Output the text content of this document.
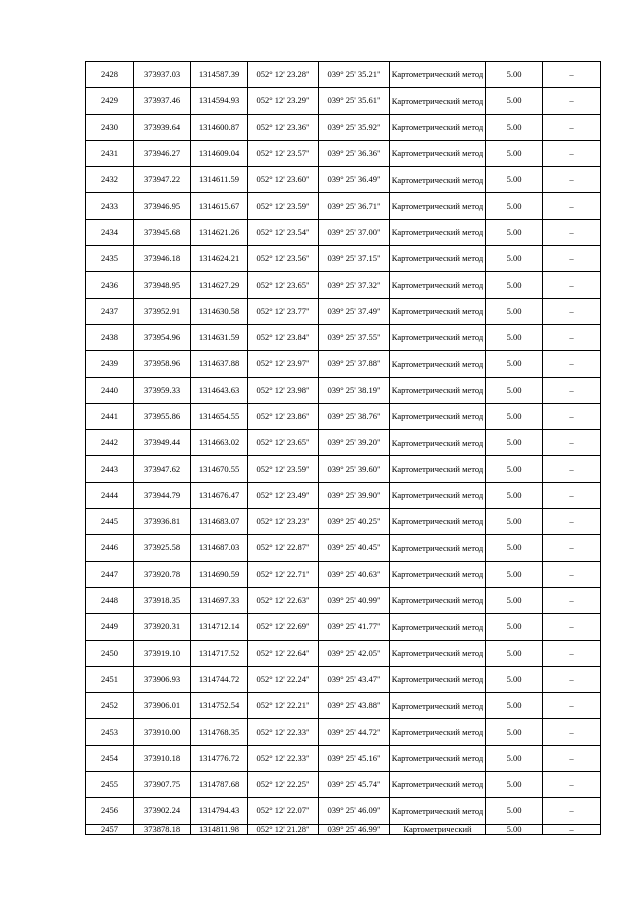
2428	373937.03	1314587.39	052° 12' 23.28"	039° 25' 35.21"	Картометрический метод	5.00	–
2429	373937.46	1314594.93	052° 12' 23.29"	039° 25' 35.61"	Картометрический метод	5.00	–
2430	373939.64	1314600.87	052° 12' 23.36"	039° 25' 35.92"	Картометрический метод	5.00	–
2431	373946.27	1314609.04	052° 12' 23.57"	039° 25' 36.36"	Картометрический метод	5.00	–
2432	373947.22	1314611.59	052° 12' 23.60"	039° 25' 36.49"	Картометрический метод	5.00	–
2433	373946.95	1314615.67	052° 12' 23.59"	039° 25' 36.71"	Картометрический метод	5.00	–
2434	373945.68	1314621.26	052° 12' 23.54"	039° 25' 37.00"	Картометрический метод	5.00	–
2435	373946.18	1314624.21	052° 12' 23.56"	039° 25' 37.15"	Картометрический метод	5.00	–
2436	373948.95	1314627.29	052° 12' 23.65"	039° 25' 37.32"	Картометрический метод	5.00	–
2437	373952.91	1314630.58	052° 12' 23.77"	039° 25' 37.49"	Картометрический метод	5.00	–
2438	373954.96	1314631.59	052° 12' 23.84"	039° 25' 37.55"	Картометрический метод	5.00	–
2439	373958.96	1314637.88	052° 12' 23.97"	039° 25' 37.88"	Картометрический метод	5.00	–
2440	373959.33	1314643.63	052° 12' 23.98"	039° 25' 38.19"	Картометрический метод	5.00	–
2441	373955.86	1314654.55	052° 12' 23.86"	039° 25' 38.76"	Картометрический метод	5.00	–
2442	373949.44	1314663.02	052° 12' 23.65"	039° 25' 39.20"	Картометрический метод	5.00	–
2443	373947.62	1314670.55	052° 12' 23.59"	039° 25' 39.60"	Картометрический метод	5.00	–
2444	373944.79	1314676.47	052° 12' 23.49"	039° 25' 39.90"	Картометрический метод	5.00	–
2445	373936.81	1314683.07	052° 12' 23.23"	039° 25' 40.25"	Картометрический метод	5.00	–
2446	373925.58	1314687.03	052° 12' 22.87"	039° 25' 40.45"	Картометрический метод	5.00	–
2447	373920.78	1314690.59	052° 12' 22.71"	039° 25' 40.63"	Картометрический метод	5.00	–
2448	373918.35	1314697.33	052° 12' 22.63"	039° 25' 40.99"	Картометрический метод	5.00	–
2449	373920.31	1314712.14	052° 12' 22.69"	039° 25' 41.77"	Картометрический метод	5.00	–
2450	373919.10	1314717.52	052° 12' 22.64"	039° 25' 42.05"	Картометрический метод	5.00	–
2451	373906.93	1314744.72	052° 12' 22.24"	039° 25' 43.47"	Картометрический метод	5.00	–
2452	373906.01	1314752.54	052° 12' 22.21"	039° 25' 43.88"	Картометрический метод	5.00	–
2453	373910.00	1314768.35	052° 12' 22.33"	039° 25' 44.72"	Картометрический метод	5.00	–
2454	373910.18	1314776.72	052° 12' 22.33"	039° 25' 45.16"	Картометрический метод	5.00	–
2455	373907.75	1314787.68	052° 12' 22.25"	039° 25' 45.74"	Картометрический метод	5.00	–
2456	373902.24	1314794.43	052° 12' 22.07"	039° 25' 46.09"	Картометрический метод	5.00	–
2457	373878.18	1314811.98	052° 12' 21.28"	039° 25' 46.99"	Картометрический	5.00	–
